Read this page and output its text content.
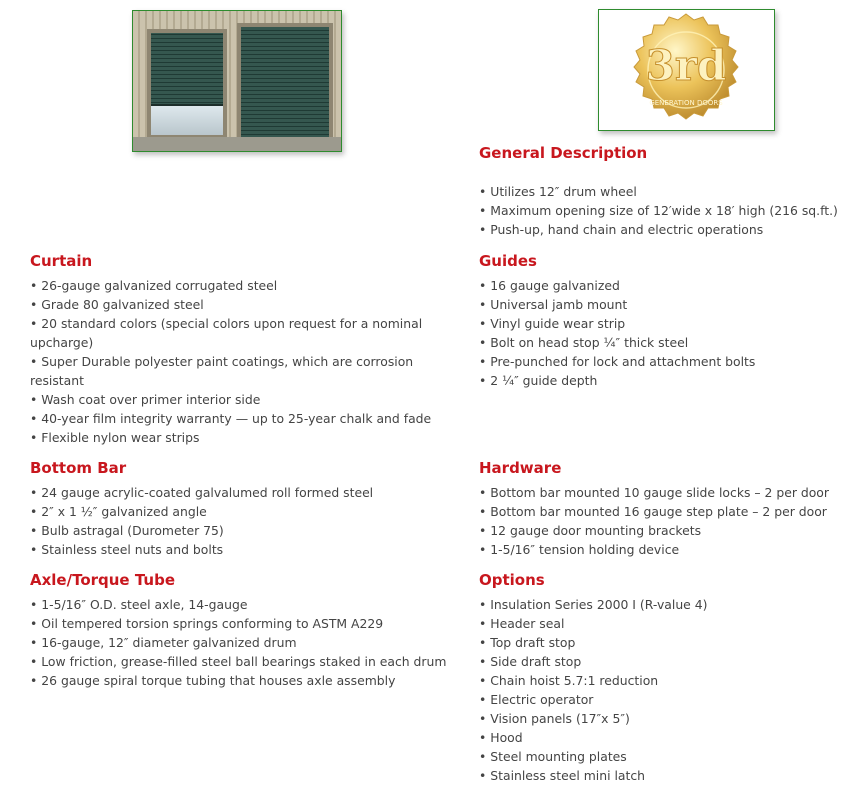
3rd
GENERATION DOORS
General Description
• Utilizes 12″ drum wheel
• Maximum opening size of 12′wide x 18′ high (216 sq.ft.)
• Push-up, hand chain and electric operations
Curtain
• 26-gauge galvanized corrugated steel
• Grade 80 galvanized steel
• 20 standard colors (special colors upon request for a nominal upcharge)
• Super Durable polyester paint coatings, which are corrosion resistant
• Wash coat over primer interior side
• 40-year film integrity warranty — up to 25-year chalk and fade
• Flexible nylon wear strips
Guides
• 16 gauge galvanized
• Universal jamb mount
• Vinyl guide wear strip
• Bolt on head stop ¼″ thick steel
• Pre-punched for lock and attachment bolts
• 2 ¼″ guide depth
Bottom Bar
• 24 gauge acrylic-coated galvalumed roll formed steel
• 2″ x 1 ½″ galvanized angle
• Bulb astragal (Durometer 75)
• Stainless steel nuts and bolts
Hardware
• Bottom bar mounted 10 gauge slide locks – 2 per door
• Bottom bar mounted 16 gauge step plate – 2 per door
• 12 gauge door mounting brackets
• 1-5/16″ tension holding device
Axle/Torque Tube
• 1-5/16″ O.D. steel axle, 14-gauge
• Oil tempered torsion springs conforming to ASTM A229
• 16-gauge, 12″ diameter galvanized drum
• Low friction, grease-filled steel ball bearings staked in each drum
• 26 gauge spiral torque tubing that houses axle assembly
Options
• Insulation Series 2000 I (R-value 4)
• Header seal
• Top draft stop
• Side draft stop
• Chain hoist 5.7:1 reduction
• Electric operator
• Vision panels (17″x 5″)
• Hood
• Steel mounting plates
• Stainless steel mini latch
